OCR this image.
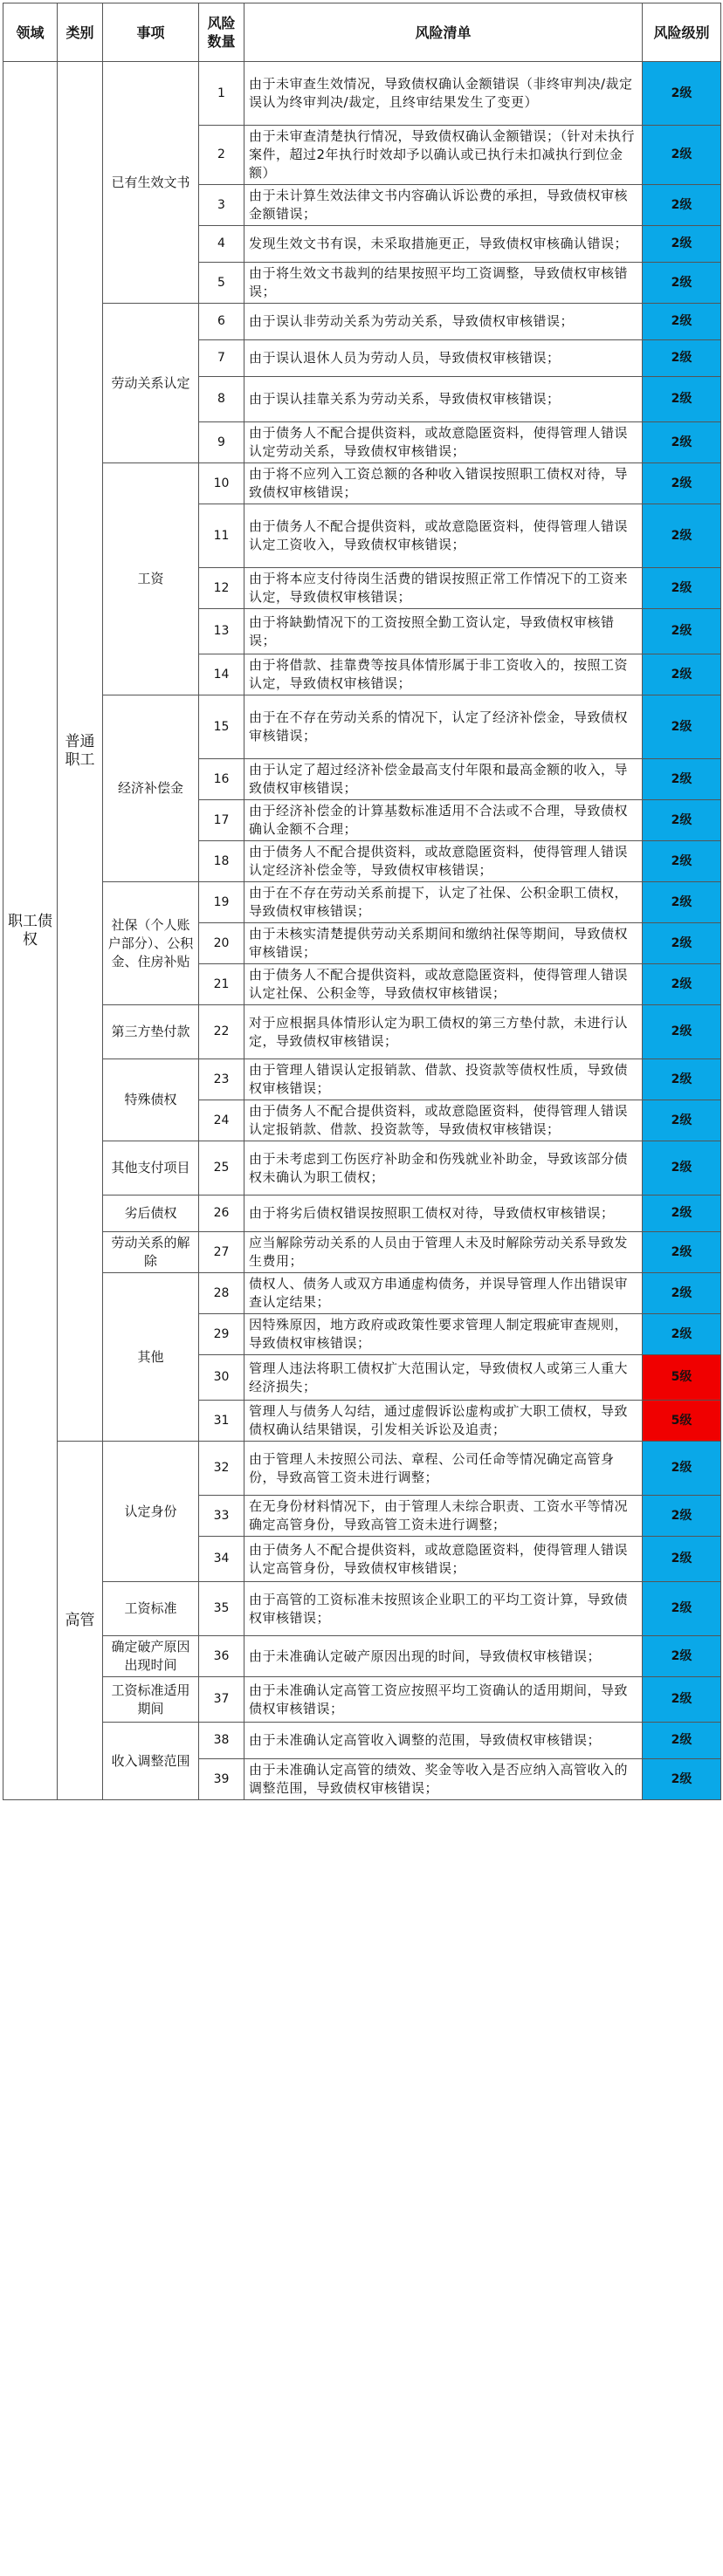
领域	类别	事项	风险数量	风险清单	风险级别
职工债权	普通职工	已有生效文书	1	由于未审查生效情况，导致债权确认金额错误（非终审判决/裁定误认为终审判决/裁定，且终审结果发生了变更）	2级
			2	由于未审查清楚执行情况，导致债权确认金额错误；（针对未执行案件，超过2年执行时效却予以确认或已执行未扣减执行到位金额）	2级
			3	由于未计算生效法律文书内容确认诉讼费的承担，导致债权审核金额错误；	2级
			4	发现生效文书有误，未采取措施更正，导致债权审核确认错误；	2级
			5	由于将生效文书裁判的结果按照平均工资调整，导致债权审核错误；	2级
		劳动关系认定	6	由于误认非劳动关系为劳动关系，导致债权审核错误；	2级
			7	由于误认退休人员为劳动人员，导致债权审核错误；	2级
			8	由于误认挂靠关系为劳动关系，导致债权审核错误；	2级
			9	由于债务人不配合提供资料，或故意隐匿资料，使得管理人错误认定劳动关系，导致债权审核错误；	2级
		工资	10	由于将不应列入工资总额的各种收入错误按照职工债权对待，导致债权审核错误；	2级
			11	由于债务人不配合提供资料，或故意隐匿资料，使得管理人错误认定工资收入，导致债权审核错误；	2级
			12	由于将本应支付待岗生活费的错误按照正常工作情况下的工资来认定，导致债权审核错误；	2级
			13	由于将缺勤情况下的工资按照全勤工资认定，导致债权审核错误；	2级
			14	由于将借款、挂靠费等按具体情形属于非工资收入的，按照工资认定，导致债权审核错误；	2级
		经济补偿金	15	由于在不存在劳动关系的情况下，认定了经济补偿金，导致债权审核错误；	2级
			16	由于认定了超过经济补偿金最高支付年限和最高金额的收入，导致债权审核错误；	2级
			17	由于经济补偿金的计算基数标准适用不合法或不合理，导致债权确认金额不合理；	2级
			18	由于债务人不配合提供资料，或故意隐匿资料，使得管理人错误认定经济补偿金等，导致债权审核错误；	2级
		社保（个人账户部分）、公积金、住房补贴	19	由于在不存在劳动关系前提下，认定了社保、公积金职工债权，导致债权审核错误；	2级
			20	由于未核实清楚提供劳动关系期间和缴纳社保等期间，导致债权审核错误；	2级
			21	由于债务人不配合提供资料，或故意隐匿资料，使得管理人错误认定社保、公积金等，导致债权审核错误；	2级
		第三方垫付款	22	对于应根据具体情形认定为职工债权的第三方垫付款，未进行认定，导致债权审核错误；	2级
		特殊债权	23	由于管理人错误认定报销款、借款、投资款等债权性质，导致债权审核错误；	2级
			24	由于债务人不配合提供资料，或故意隐匿资料，使得管理人错误认定报销款、借款、投资款等，导致债权审核错误；	2级
		其他支付项目	25	由于未考虑到工伤医疗补助金和伤残就业补助金，导致该部分债权未确认为职工债权；	2级
		劣后债权	26	由于将劣后债权错误按照职工债权对待，导致债权审核错误；	2级
		劳动关系的解除	27	应当解除劳动关系的人员由于管理人未及时解除劳动关系导致发生费用；	2级
		其他	28	债权人、债务人或双方串通虚构债务，并误导管理人作出错误审查认定结果；	2级
			29	因特殊原因，地方政府或政策性要求管理人制定瑕疵审查规则，导致债权审核错误；	2级
			30	管理人违法将职工债权扩大范围认定，导致债权人或第三人重大经济损失；	5级
			31	管理人与债务人勾结，通过虚假诉讼虚构或扩大职工债权，导致债权确认结果错误，引发相关诉讼及追责；	5级
	高管	认定身份	32	由于管理人未按照公司法、章程、公司任命等情况确定高管身份，导致高管工资未进行调整；	2级
			33	在无身份材料情况下，由于管理人未综合职责、工资水平等情况确定高管身份，导致高管工资未进行调整；	2级
			34	由于债务人不配合提供资料，或故意隐匿资料，使得管理人错误认定高管身份，导致债权审核错误；	2级
		工资标准	35	由于高管的工资标准未按照该企业职工的平均工资计算，导致债权审核错误；	2级
		确定破产原因出现时间	36	由于未准确认定破产原因出现的时间，导致债权审核错误；	2级
		工资标准适用期间	37	由于未准确认定高管工资应按照平均工资确认的适用期间，导致债权审核错误；	2级
		收入调整范围	38	由于未准确认定高管收入调整的范围，导致债权审核错误；	2级
			39	由于未准确认定高管的绩效、奖金等收入是否应纳入高管收入的调整范围，导致债权审核错误；	2级
